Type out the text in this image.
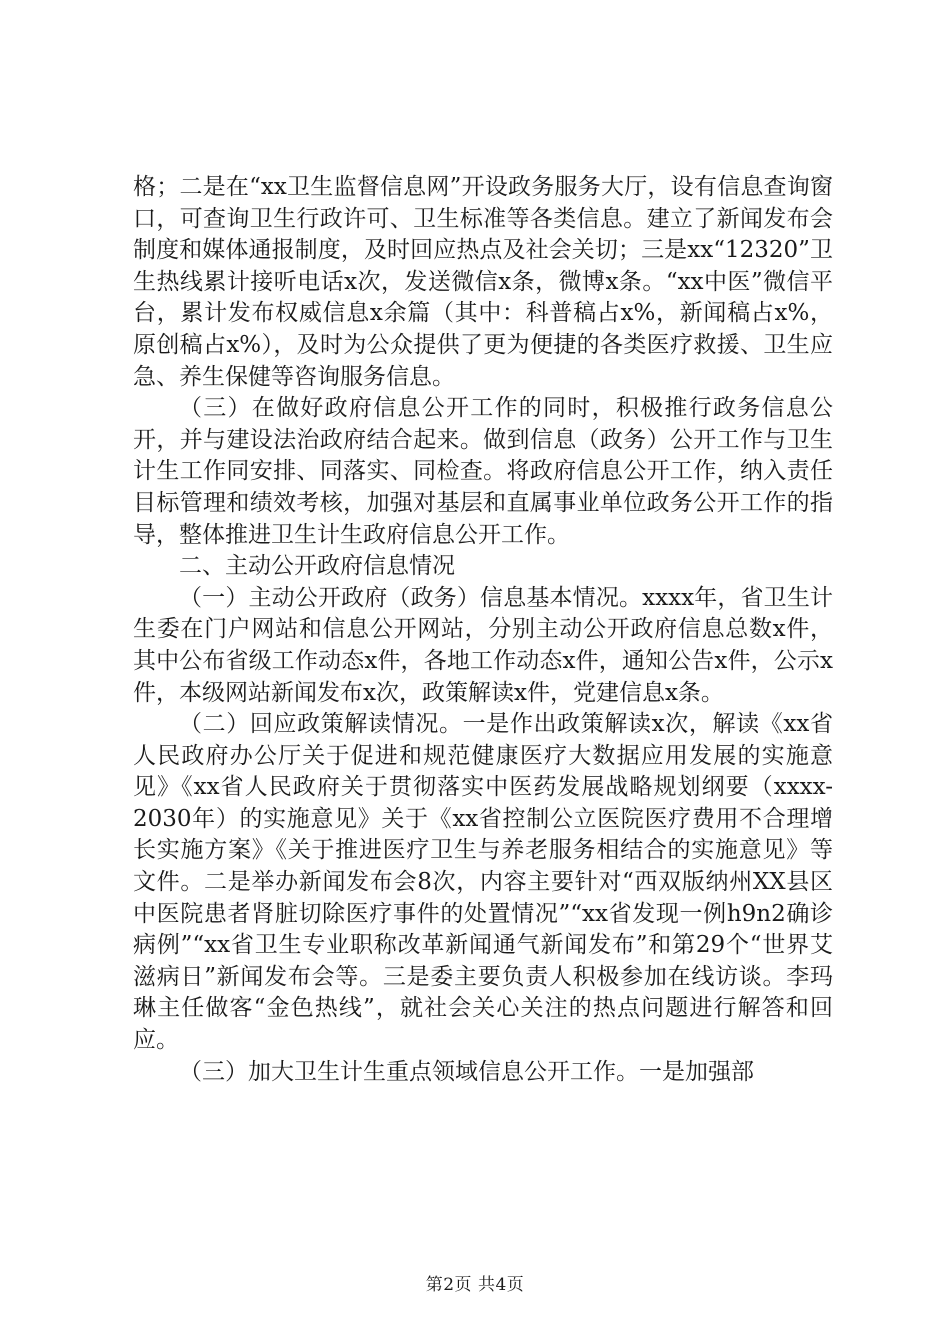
格；二是在“xx卫生监督信息网”开设政务服务大厅，设有信息查询窗口，可查询卫生行政许可、卫生标准等各类信息。建立了新闻发布会制度和媒体通报制度，及时回应热点及社会关切；三是xx“12320”卫生热线累计接听电话x次，发送微信x条，微博x条。“xx中医”微信平台，累计发布权威信息x余篇（其中：科普稿占x%，新闻稿占x%，原创稿占x%），及时为公众提供了更为便捷的各类医疗救援、卫生应急、养生保健等咨询服务信息。

（三）在做好政府信息公开工作的同时，积极推行政务信息公开，并与建设法治政府结合起来。做到信息（政务）公开工作与卫生计生工作同安排、同落实、同检查。将政府信息公开工作，纳入责任目标管理和绩效考核，加强对基层和直属事业单位政务公开工作的指导，整体推进卫生计生政府信息公开工作。

二、主动公开政府信息情况

（一）主动公开政府（政务）信息基本情况。xxxx年，省卫生计生委在门户网站和信息公开网站，分别主动公开政府信息总数x件，其中公布省级工作动态x件，各地工作动态x件，通知公告x件，公示x件，本级网站新闻发布x次，政策解读x件，党建信息x条。

（二）回应政策解读情况。一是作出政策解读x次，解读《xx省人民政府办公厅关于促进和规范健康医疗大数据应用发展的实施意见》《xx省人民政府关于贯彻落实中医药发展战略规划纲要（xxxx-2030年）的实施意见》关于《xx省控制公立医院医疗费用不合理增长实施方案》《关于推进医疗卫生与养老服务相结合的实施意见》等文件。二是举办新闻发布会8次，内容主要针对“西双版纳州XX县区中医院患者肾脏切除医疗事件的处置情况”“xx省发现一例h9n2确诊病例”“xx省卫生专业职称改革新闻通气新闻发布”和第29个“世界艾滋病日”新闻发布会等。三是委主要负责人积极参加在线访谈。李玛琳主任做客“金色热线”，就社会关心关注的热点问题进行解答和回应。

（三）加大卫生计生重点领域信息公开工作。一是加强部

第2页 共4页
